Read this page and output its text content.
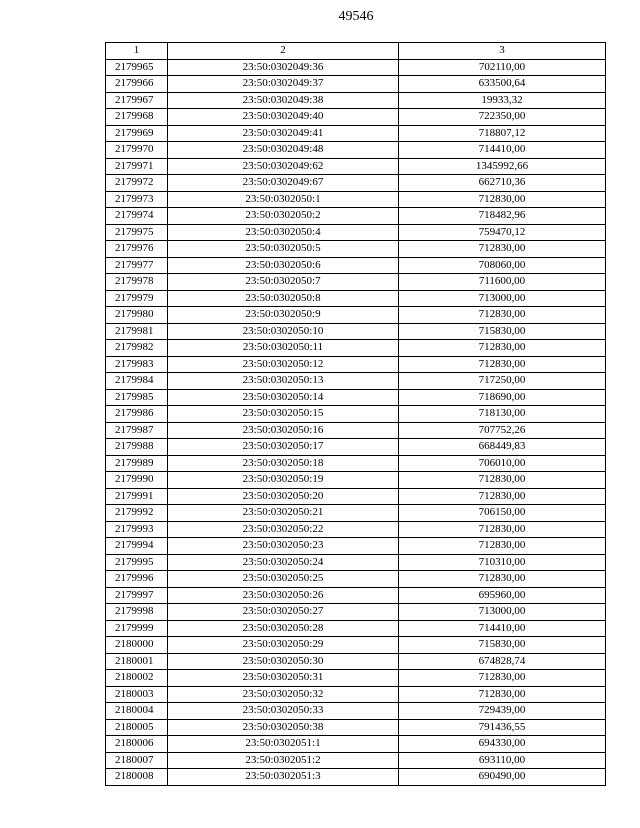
49546
1	2	3
2179965	23:50:0302049:36	702110,00
2179966	23:50:0302049:37	633500,64
2179967	23:50:0302049:38	19933,32
2179968	23:50:0302049:40	722350,00
2179969	23:50:0302049:41	718807,12
2179970	23:50:0302049:48	714410,00
2179971	23:50:0302049:62	1345992,66
2179972	23:50:0302049:67	662710,36
2179973	23:50:0302050:1	712830,00
2179974	23:50:0302050:2	718482,96
2179975	23:50:0302050:4	759470,12
2179976	23:50:0302050:5	712830,00
2179977	23:50:0302050:6	708060,00
2179978	23:50:0302050:7	711600,00
2179979	23:50:0302050:8	713000,00
2179980	23:50:0302050:9	712830,00
2179981	23:50:0302050:10	715830,00
2179982	23:50:0302050:11	712830,00
2179983	23:50:0302050:12	712830,00
2179984	23:50:0302050:13	717250,00
2179985	23:50:0302050:14	718690,00
2179986	23:50:0302050:15	718130,00
2179987	23:50:0302050:16	707752,26
2179988	23:50:0302050:17	668449,83
2179989	23:50:0302050:18	706010,00
2179990	23:50:0302050:19	712830,00
2179991	23:50:0302050:20	712830,00
2179992	23:50:0302050:21	706150,00
2179993	23:50:0302050:22	712830,00
2179994	23:50:0302050:23	712830,00
2179995	23:50:0302050:24	710310,00
2179996	23:50:0302050:25	712830,00
2179997	23:50:0302050:26	695960,00
2179998	23:50:0302050:27	713000,00
2179999	23:50:0302050:28	714410,00
2180000	23:50:0302050:29	715830,00
2180001	23:50:0302050:30	674828,74
2180002	23:50:0302050:31	712830,00
2180003	23:50:0302050:32	712830,00
2180004	23:50:0302050:33	729439,00
2180005	23:50:0302050:38	791436,55
2180006	23:50:0302051:1	694330,00
2180007	23:50:0302051:2	693110,00
2180008	23:50:0302051:3	690490,00
